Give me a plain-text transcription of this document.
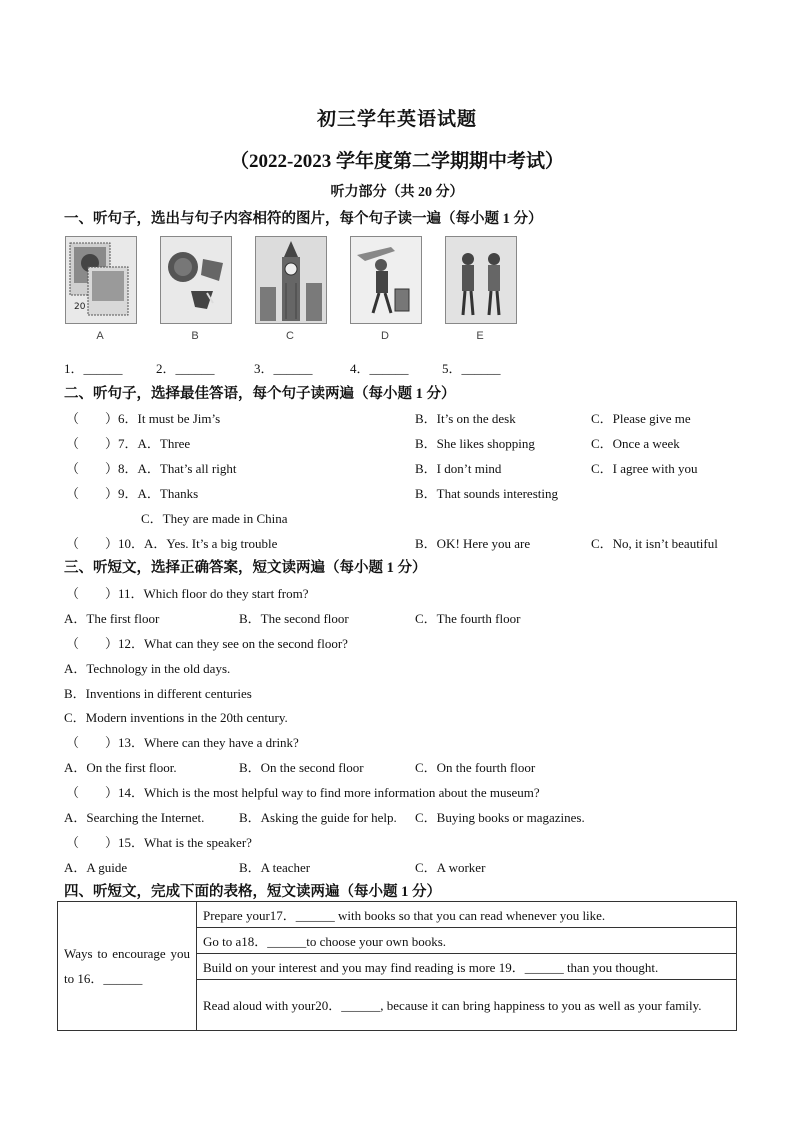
初三学年英语试题
（2022-2023 学年度第二学期期中考试）
听力部分（共 20 分）
一、听句子，选出与句子内容相符的图片，每个句子读一遍（每小题 1 分）
20
A	B	C	D	E
1．______	2．______	3．______	4．______	5．______
二、听句子，选择最佳答语，每个句子读两遍（每小题 1 分）
（　　）6．It must be Jim’s	B．It’s on the desk	C．Please give me
（　　）7．A．Three	B．She likes shopping	C．Once a week
（　　）8．A．That’s all right	B．I don’t mind	C．I agree with you
（　　）9．A．Thanks	B．That sounds interesting
C．They are made in China
（　　）10．A．Yes. It’s a big trouble	B．OK! Here you are	C．No, it isn’t beautiful
三、听短文，选择正确答案，短文读两遍（每小题 1 分）
（　　）11．Which floor do they start from?
A．The first floor	B．The second floor	C．The fourth floor
（　　）12．What can they see on the second floor?
A．Technology in the old days.
B．Inventions in different centuries
C．Modern inventions in the 20th century.
（　　）13．Where can they have a drink?
A．On the first floor.	B．On the second floor	C．On the fourth floor
（　　）14．Which is the most helpful way to find more information about the museum?
A．Searching the Internet.	B．Asking the guide for help. C．Buying books or magazines.
（　　）15．What is the speaker?
A．A guide	B．A teacher	C．A worker
四、听短文，完成下面的表格，短文读两遍（每小题 1 分）
Ways to encourage you to 16．______	Prepare your17．______ with books so that you can read whenever you like.
Go to a18．______to choose your own books.
Build on your interest and you may find reading is more 19．______ than you thought.
Read aloud with your20．______, because it can bring happiness to you as well as your family.
